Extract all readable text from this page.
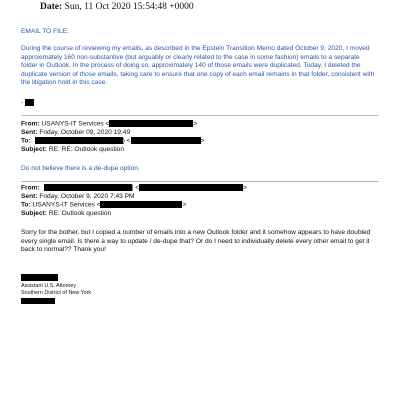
Date: Sun, 11 Oct 2020 15:54:48 +0000
EMAIL TO FILE:
During the course of reviewing my emails, as described in the Epstein Transition Memo dated October 9, 2020, I moved
approximately 160 non-substantive (but arguably or clearly related to the case in some fashion) emails to a separate
folder in Outlook. In the process of doing so, approximately 140 of those emails were duplicated. Today, I deleted the
duplicate version of those emails, taking care to ensure that one copy of each email remains in that folder, consistent with
the litigation hold in this case.
-
From: USANYS-IT Services <	>
Sent: Friday, October 09, 2020 19:49
To:	) <	>
Subject: RE: RE: Outlook question
Do not believe there is a de-dupe option.
From:	| <	>
Sent: Friday, October 9, 2020 7:43 PM
To: USANYS-IT Services <	>
Subject: RE: Outlook question
Sorry for the bother, but I copied a number of emails into a new Outlook folder and it somehow appears to have doubled
every single email. Is there a way to update / de-dupe that? Or do I need to individually delete every other email to get it
back to normal?? Thank you!
Assistant U.S. Attorney
Southern District of New York
